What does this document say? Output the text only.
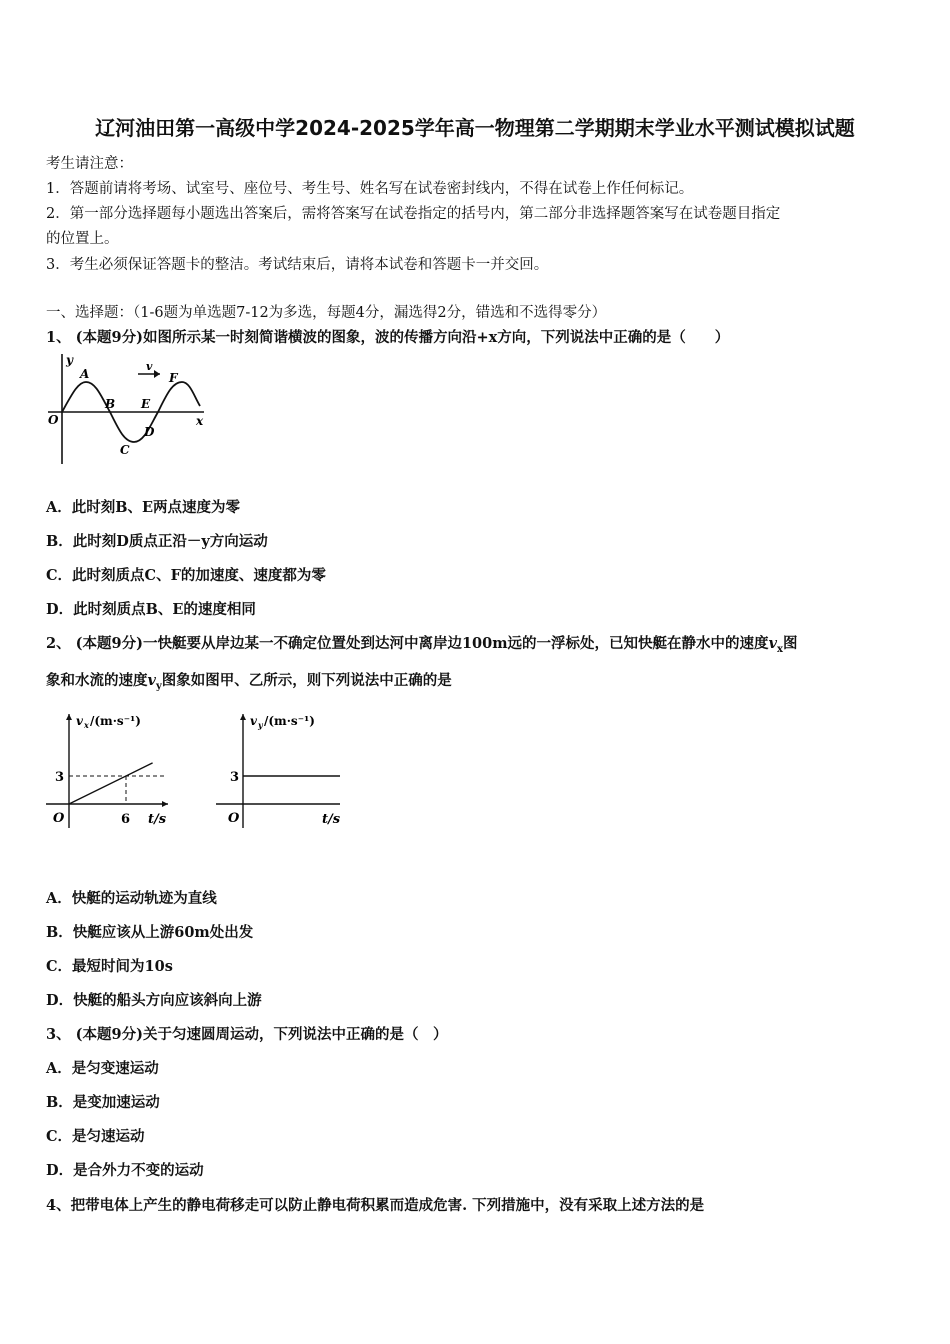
辽河油田第一高级中学2024-2025学年高一物理第二学期期末学业水平测试模拟试题
考生请注意：
1．答题前请将考场、试室号、座位号、考生号、姓名写在试卷密封线内，不得在试卷上作任何标记。
2．第一部分选择题每小题选出答案后，需将答案写在试卷指定的括号内，第二部分非选择题答案写在试卷题目指定
的位置上。
3．考生必须保证答题卡的整洁。考试结束后，请将本试卷和答题卡一并交回。
一、选择题：（1-6题为单选题7-12为多选，每题4分，漏选得2分，错选和不选得零分）
1、 (本题9分)如图所示某一时刻简谐横波的图象，波的传播方向沿+x方向，下列说法中正确的是（　　）
y
O	x
v
A
B
C
D
E
F
A．此时刻B、E两点速度为零
B．此时刻D质点正沿－y方向运动
C．此时刻质点C、F的加速度、速度都为零
D．此时刻质点B、E的速度相同
2、 (本题9分)一快艇要从岸边某一不确定位置处到达河中离岸边100m远的一浮标处，已知快艇在静水中的速度$v_x$图
象和水流的速度$v_y$图象如图甲、乙所示，则下列说法中正确的是
v x /(m·s⁻¹)
3
6
O	t/s
v y /(m·s⁻¹)
3
O	t/s
A．快艇的运动轨迹为直线
B．快艇应该从上游60m处出发
C．最短时间为10s
D．快艇的船头方向应该斜向上游
3、 (本题9分)关于匀速圆周运动，下列说法中正确的是（　）
A．是匀变速运动
B．是变加速运动
C．是匀速运动
D．是合外力不变的运动
4、把带电体上产生的静电荷移走可以防止静电荷积累而造成危害. 下列措施中，没有采取上述方法的是
